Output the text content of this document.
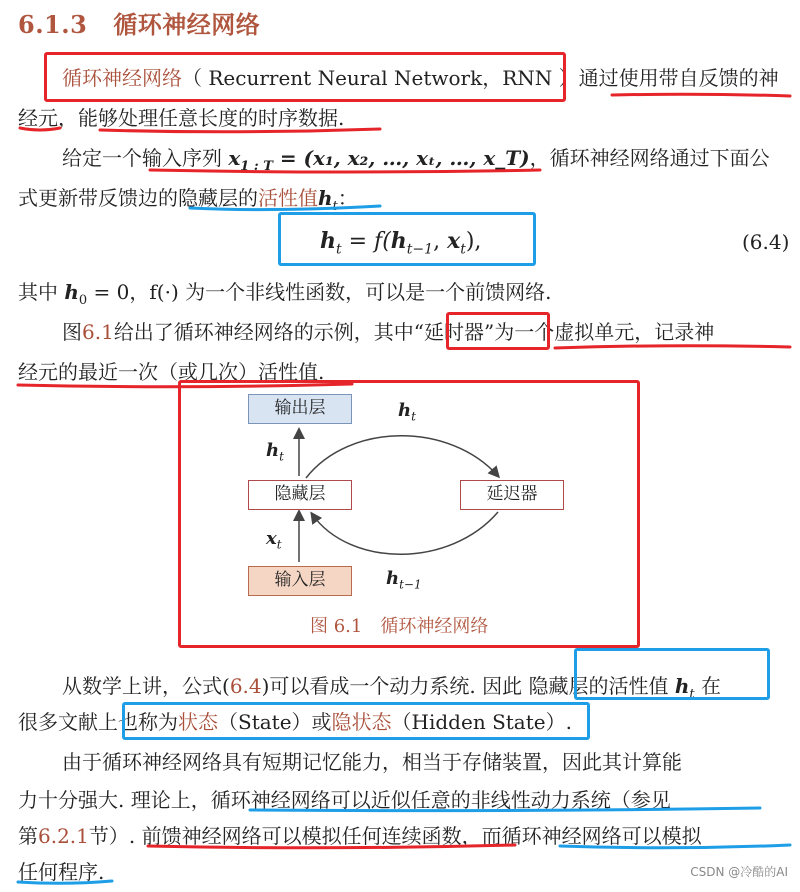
6.1.3 循环神经网络
循环神经网络（ Recurrent Neural Network，RNN ）通过使用带自反馈的神
经元，能够处理任意长度的时序数据.
给定一个输入序列 $x_{1 : T} = (x_1$, x₂, …, xₜ, …, x_T)，循环神经网络通过下面公
式更新带反馈边的隐藏层的活性值$h_t$：
$h_t = f(h_{t-1}$, $x_t$),	(6.4)
其中 $h_0 = 0$，f(·) 为一个非线性函数，可以是一个前馈网络.
图6.1给出了循环神经网络的示例，其中“延时器”为一个虚拟单元，记录神
经元的最近一次（或几次）活性值.
输出层
隐藏层	延迟器
输入层
$h_t$
$h_t$
$x_t$
$h_{t-1}$
图 6.1 循环神经网络
从数学上讲，公式(6.4)可以看成一个动力系统. 因此 隐藏层的活性值 $h_t$ 在
很多文献上也称为状态（State）或隐状态（Hidden State）.
由于循环神经网络具有短期记忆能力，相当于存储装置，因此其计算能
力十分强大. 理论上，循环神经网络可以近似任意的非线性动力系统（参见
第6.2.1节）. 前馈神经网络可以模拟任何连续函数，而循环神经网络可以模拟
任何程序.	CSDN @冷酷的AI
